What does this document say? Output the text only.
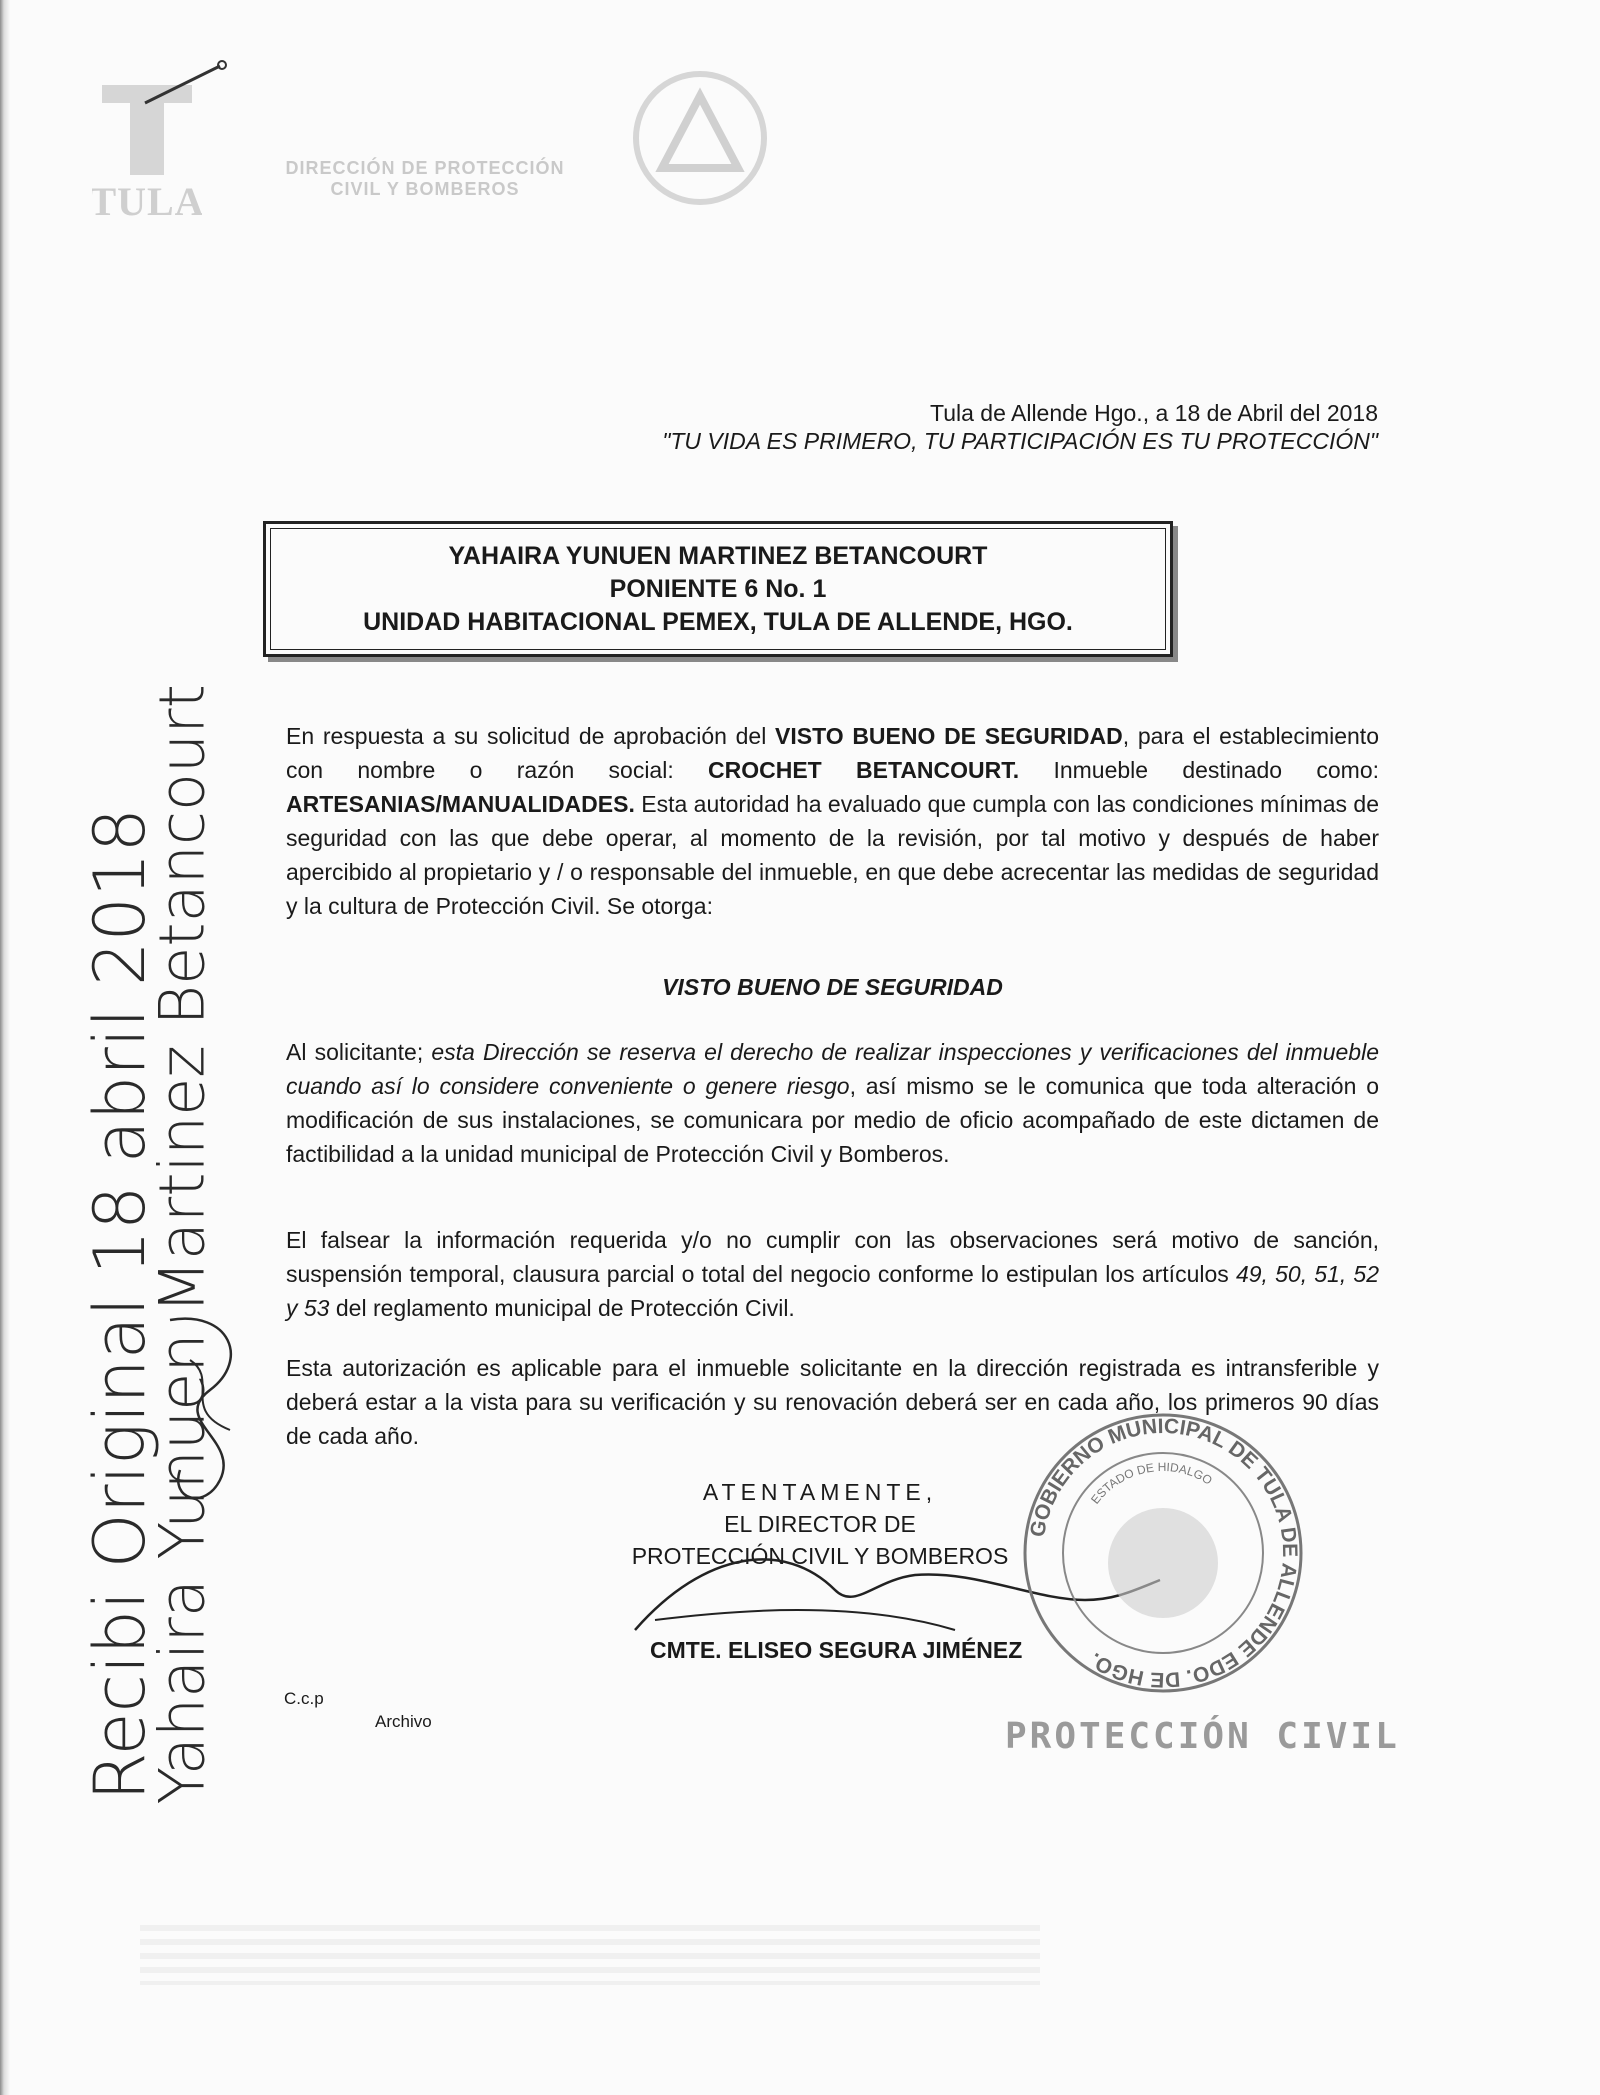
TULA
DIRECCIÓN DE PROTECCIÓN
CIVIL Y BOMBEROS
Tula de Allende Hgo., a 18 de Abril del 2018
"TU VIDA ES PRIMERO, TU PARTICIPACIÓN ES TU PROTECCIÓN"
YAHAIRA YUNUEN MARTINEZ BETANCOURT
PONIENTE 6 No. 1
UNIDAD HABITACIONAL PEMEX, TULA DE ALLENDE, HGO.
En respuesta a su solicitud de aprobación del VISTO BUENO DE SEGURIDAD, para el establecimiento con nombre o razón social: CROCHET BETANCOURT. Inmueble destinado como: ARTESANIAS/MANUALIDADES. Esta autoridad ha evaluado que cumpla con las condiciones mínimas de seguridad con las que debe operar, al momento de la revisión, por tal motivo y después de haber apercibido al propietario y / o responsable del inmueble, en que debe acrecentar las medidas de seguridad y la cultura de Protección Civil. Se otorga:
VISTO BUENO DE SEGURIDAD
Al solicitante; esta Dirección se reserva el derecho de realizar inspecciones y verificaciones del inmueble cuando así lo considere conveniente o genere riesgo, así mismo se le comunica que toda alteración o modificación de sus instalaciones, se comunicara por medio de oficio acompañado de este dictamen de factibilidad a la unidad municipal de Protección Civil y Bomberos.
El falsear la información requerida y/o no cumplir con las observaciones será motivo de sanción, suspensión temporal, clausura parcial o total del negocio conforme lo estipulan los artículos 49, 50, 51, 52 y 53 del reglamento municipal de Protección Civil.
Esta autorización es aplicable para el inmueble solicitante en la dirección registrada es intransferible y deberá estar a la vista para su verificación y su renovación deberá ser en cada año, los primeros 90 días de cada año.
ATENTAMENTE,
EL DIRECTOR DE
PROTECCIÓN CIVIL Y BOMBEROS
CMTE. ELISEO SEGURA JIMÉNEZ
C.c.p
Archivo
GOBIERNO MUNICIPAL DE TULA DE ALLENDE EDO. DE HGO.
ESTADO DE HIDALGO
PROTECCIÓN CIVIL
Recibi Original 18 abril 2018
Yahaira Yunuen Martinez Betancourt
